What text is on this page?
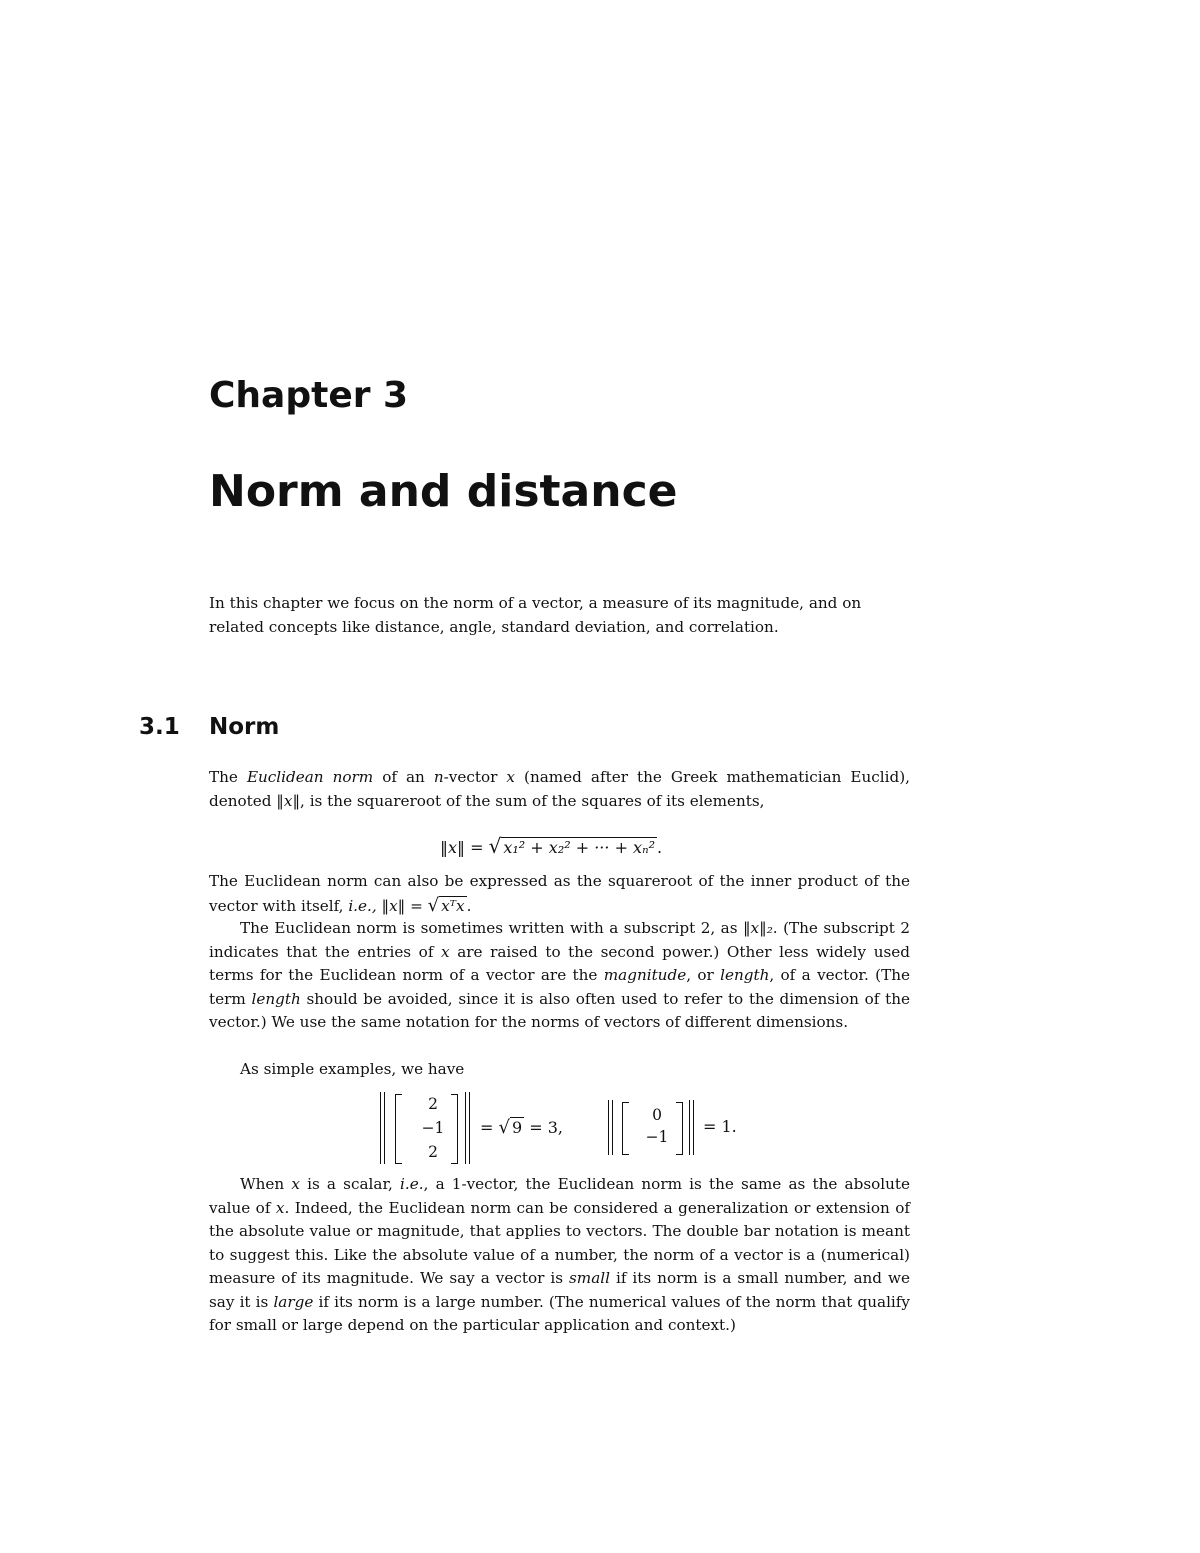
Chapter 3
Norm and distance

In this chapter we focus on the norm of a vector, a measure of its magnitude, and on related concepts like distance, angle, standard deviation, and correlation.

3.1 Norm

The Euclidean norm of an n-vector x (named after the Greek mathematician Euclid), denoted ‖x‖, is the squareroot of the sum of the squares of its elements,

‖x‖ = √ x₁² + x₂² + ··· + xₙ² .

The Euclidean norm can also be expressed as the squareroot of the inner product of the vector with itself, i.e., ‖x‖ = √ xᵀx .

The Euclidean norm is sometimes written with a subscript 2, as ‖x‖₂. (The subscript 2 indicates that the entries of x are raised to the second power.) Other less widely used terms for the Euclidean norm of a vector are the magnitude, or length, of a vector. (The term length should be avoided, since it is also often used to refer to the dimension of the vector.) We use the same notation for the norms of vectors of different dimensions.

As simple examples, we have

2
−1
2
= √ 9 = 3,
0
−1
= 1.

When x is a scalar, i.e., a 1-vector, the Euclidean norm is the same as the absolute value of x. Indeed, the Euclidean norm can be considered a generalization or extension of the absolute value or magnitude, that applies to vectors. The double bar notation is meant to suggest this. Like the absolute value of a number, the norm of a vector is a (numerical) measure of its magnitude. We say a vector is small if its norm is a small number, and we say it is large if its norm is a large number. (The numerical values of the norm that qualify for small or large depend on the particular application and context.)
